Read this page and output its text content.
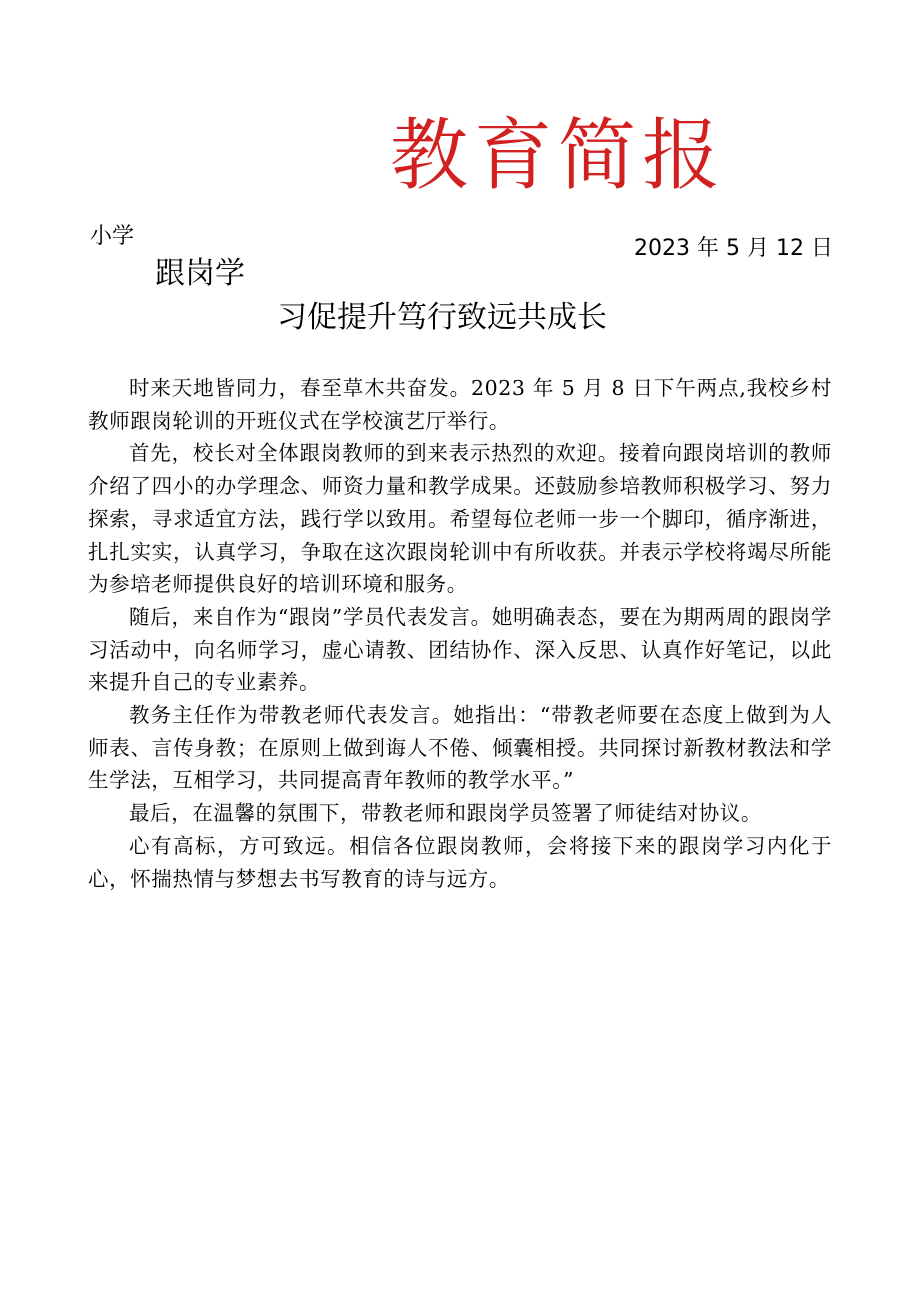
教育简报
小学	2023 年 5 月 12 日
跟岗学
习促提升笃行致远共成长

时来天地皆同力，春至草木共奋发。2023 年 5 月 8 日下午两点,我校乡村教师跟岗轮训的开班仪式在学校演艺厅举行。

首先，校长对全体跟岗教师的到来表示热烈的欢迎。接着向跟岗培训的教师介绍了四小的办学理念、师资力量和教学成果。还鼓励参培教师积极学习、努力探索，寻求适宜方法，践行学以致用。希望每位老师一步一个脚印，循序渐进，扎扎实实，认真学习，争取在这次跟岗轮训中有所收获。并表示学校将竭尽所能为参培老师提供良好的培训环境和服务。

随后，来自作为“跟岗”学员代表发言。她明确表态，要在为期两周的跟岗学习活动中，向名师学习，虚心请教、团结协作、深入反思、认真作好笔记，以此来提升自己的专业素养。

教务主任作为带教老师代表发言。她指出：“带教老师要在态度上做到为人师表、言传身教；在原则上做到诲人不倦、倾囊相授。共同探讨新教材教法和学生学法，互相学习，共同提高青年教师的教学水平。”

最后，在温馨的氛围下，带教老师和跟岗学员签署了师徒结对协议。

心有高标，方可致远。相信各位跟岗教师，会将接下来的跟岗学习内化于心，怀揣热情与梦想去书写教育的诗与远方。
